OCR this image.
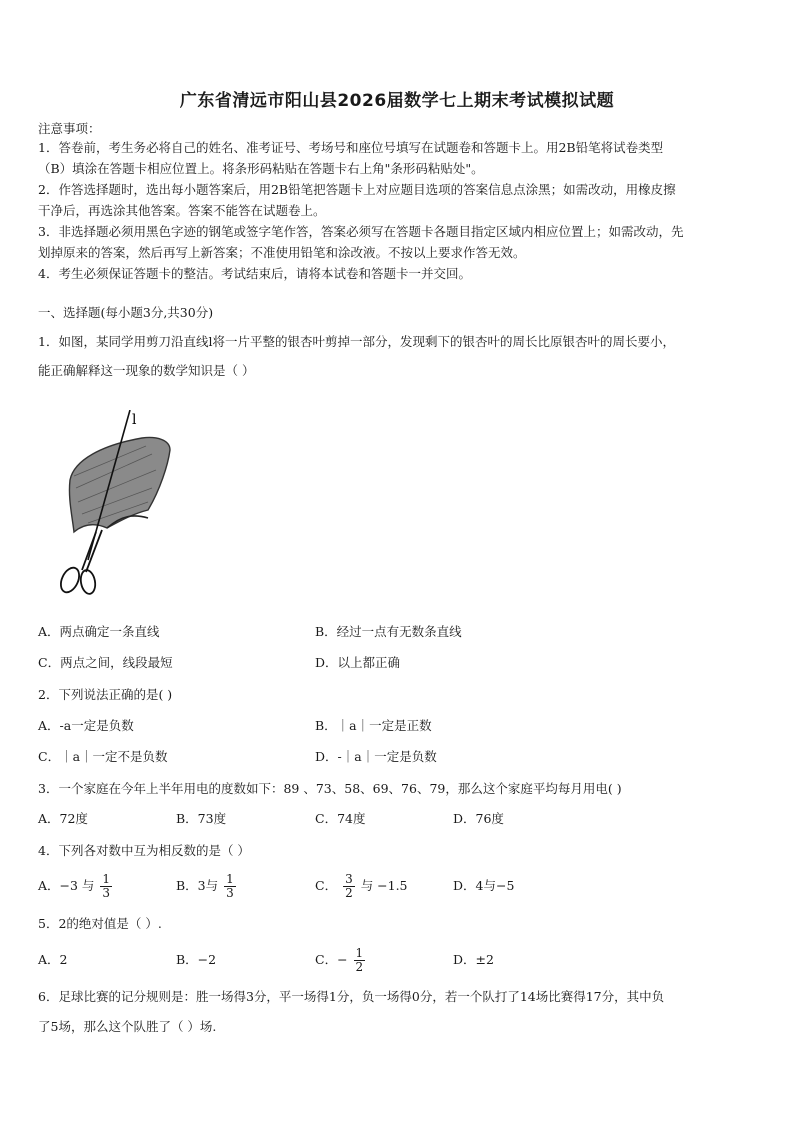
广东省清远市阳山县2026届数学七上期末考试模拟试题
注意事项：
1．答卷前，考生务必将自己的姓名、准考证号、考场号和座位号填写在试题卷和答题卡上。用2B铅笔将试卷类型
（B）填涂在答题卡相应位置上。将条形码粘贴在答题卡右上角"条形码粘贴处"。
2．作答选择题时，选出每小题答案后，用2B铅笔把答题卡上对应题目选项的答案信息点涂黑；如需改动，用橡皮擦
干净后，再选涂其他答案。答案不能答在试题卷上。
3．非选择题必须用黑色字迹的钢笔或签字笔作答，答案必须写在答题卡各题目指定区域内相应位置上；如需改动，先
划掉原来的答案，然后再写上新答案；不准使用铅笔和涂改液。不按以上要求作答无效。
4．考生必须保证答题卡的整洁。考试结束后，请将本试卷和答题卡一并交回。
一、选择题(每小题3分,共30分)
1．如图，某同学用剪刀沿直线l将一片平整的银杏叶剪掉一部分，发现剩下的银杏叶的周长比原银杏叶的周长要小，
能正确解释这一现象的数学知识是（ ）
l
A．两点确定一条直线	B．经过一点有无数条直线
C．两点之间，线段最短	D．以上都正确
2．下列说法正确的是( )
A．-a一定是负数	B．｜a｜一定是正数
C．｜a｜一定不是负数	D．-｜a｜一定是负数
3．一个家庭在今年上半年用电的度数如下：89 、73、58、69、76、79，那么这个家庭平均每月用电( )
A．72度	B．73度	C．74度	D．76度
4．下列各对数中互为相反数的是（ ）
A．−3 与 $\frac{1}{3}$	B．3与 $\frac{1}{3}$	C． $\frac{3}{2}$ 与 −1.5	D．4与−5
5．2的绝对值是（ ）.
A．2	B．−2	C．− $\frac{1}{2}$	D．±2
6．足球比赛的记分规则是：胜一场得3分，平一场得1分，负一场得0分，若一个队打了14场比赛得17分，其中负
了5场，那么这个队胜了（ ）场.
